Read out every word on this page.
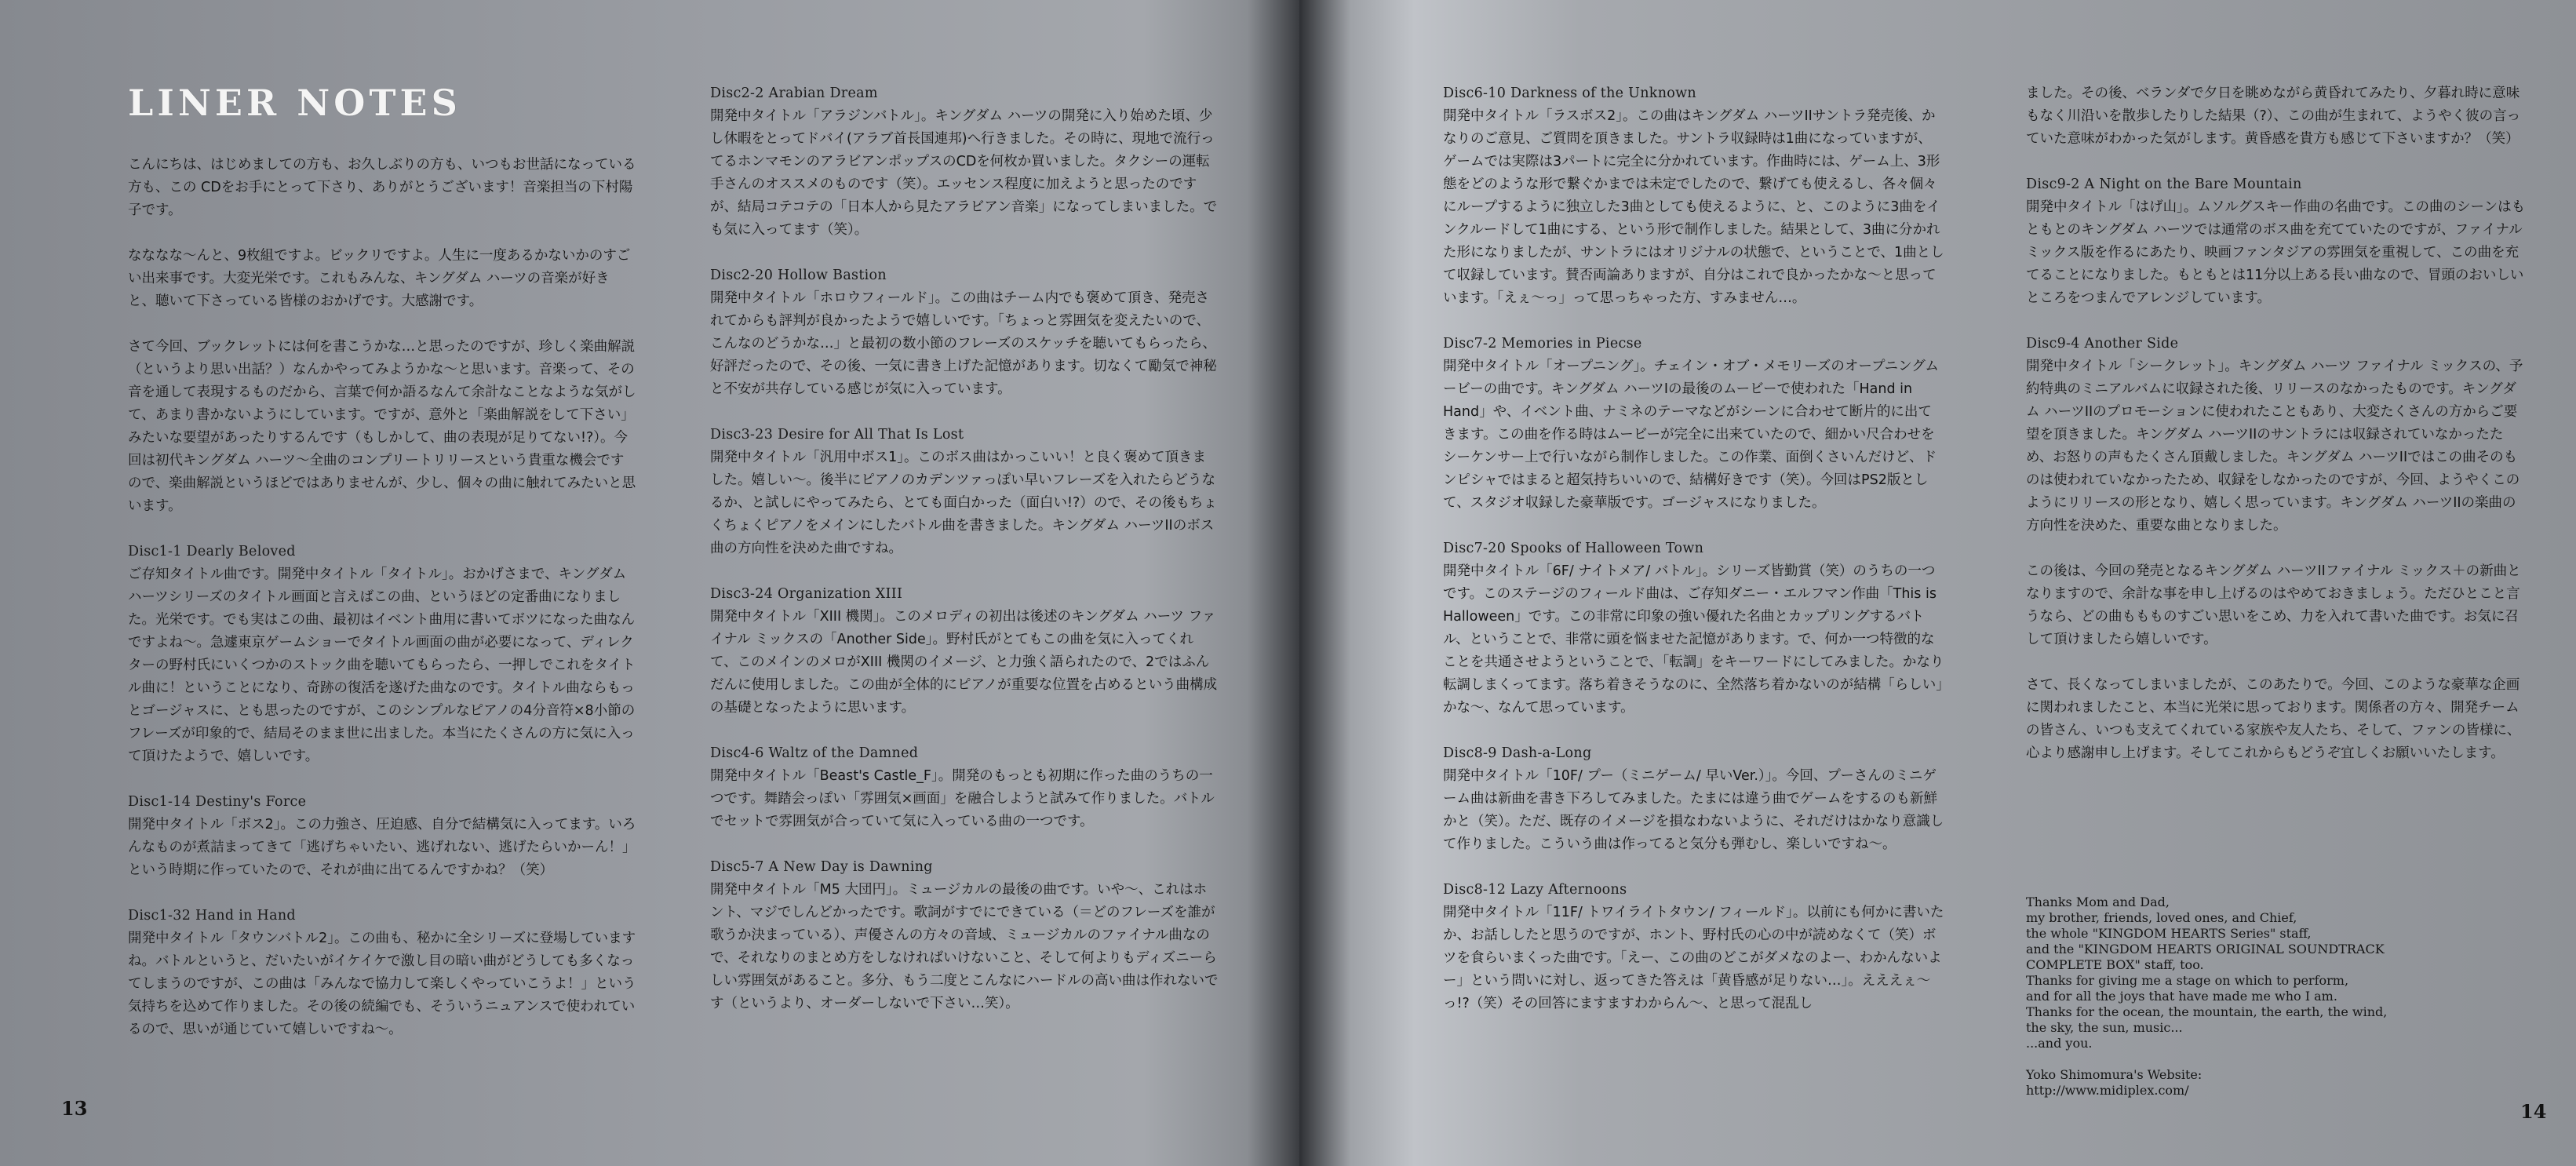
LINER NOTES

こんにちは、はじめましての方も、お久しぶりの方も、いつもお世話になっている方も、この CDをお手にとって下さり、ありがとうございます！音楽担当の下村陽子です。

なななな～んと、9枚組ですよ。ビックリですよ。人生に一度あるかないかのすごい出来事です。大変光栄です。これもみんな、キングダム ハーツの音楽が好きと、聴いて下さっている皆様のおかげです。大感謝です。

さて今回、ブックレットには何を書こうかな…と思ったのですが、珍しく楽曲解説（というより思い出話？）なんかやってみようかな～と思います。音楽って、その音を通して表現するものだから、言葉で何か語るなんて余計なことなような気がして、あまり書かないようにしています。ですが、意外と「楽曲解説をして下さい」みたいな要望があったりするんです（もしかして、曲の表現が足りてない!?）。今回は初代キングダム ハーツ～全曲のコンプリートリリースという貴重な機会ですので、楽曲解説というほどではありませんが、少し、個々の曲に触れてみたいと思います。

Disc1-1 Dearly Beloved

ご存知タイトル曲です。開発中タイトル「タイトル」。おかげさまで、キングダム ハーツシリーズのタイトル画面と言えばこの曲、というほどの定番曲になりました。光栄です。でも実はこの曲、最初はイベント曲用に書いてボツになった曲なんですよね～。急遽東京ゲームショーでタイトル画面の曲が必要になって、ディレクターの野村氏にいくつかのストック曲を聴いてもらったら、一押しでこれをタイトル曲に！ということになり、奇跡の復活を遂げた曲なのです。タイトル曲ならもっとゴージャスに、とも思ったのですが、このシンプルなピアノの4分音符×8小節のフレーズが印象的で、結局そのまま世に出ました。本当にたくさんの方に気に入って頂けたようで、嬉しいです。

Disc1-14 Destiny's Force

開発中タイトル「ボス2」。この力強さ、圧迫感、自分で結構気に入ってます。いろんなものが煮詰まってきて「逃げちゃいたい、逃げれない、逃げたらいかーん！」という時期に作っていたので、それが曲に出てるんですかね？（笑）

Disc1-32 Hand in Hand

開発中タイトル「タウンバトル2」。この曲も、秘かに全シリーズに登場していますね。バトルというと、だいたいがイケイケで激し目の暗い曲がどうしても多くなってしまうのですが、この曲は「みんなで協力して楽しくやっていこうよ！」という気持ちを込めて作りました。その後の続編でも、そういうニュアンスで使われているので、思いが通じていて嬉しいですね～。

Disc2-2 Arabian Dream

開発中タイトル「アラジンバトル」。キングダム ハーツの開発に入り始めた頃、少し休暇をとってドバイ(アラブ首長国連邦)へ行きました。その時に、現地で流行ってるホンマモンのアラビアンポップスのCDを何枚か買いました。タクシーの運転手さんのオススメのものです（笑）。エッセンス程度に加えようと思ったのですが、結局コテコテの「日本人から見たアラビアン音楽」になってしまいました。でも気に入ってます（笑）。

Disc2-20 Hollow Bastion

開発中タイトル「ホロウフィールド」。この曲はチーム内でも褒めて頂き、発売されてからも評判が良かったようで嬉しいです。「ちょっと雰囲気を変えたいので、こんなのどうかな…」と最初の数小節のフレーズのスケッチを聴いてもらったら、好評だったので、その後、一気に書き上げた記憶があります。切なくて勵気で神秘と不安が共存している感じが気に入っています。

Disc3-23 Desire for All That Is Lost

開発中タイトル「汎用中ボス1」。このボス曲はかっこいい！と良く褒めて頂きました。嬉しい～。後半にピアノのカデンツァっぽい早いフレーズを入れたらどうなるか、と試しにやってみたら、とても面白かった（面白い!?）ので、その後もちょくちょくピアノをメインにしたバトル曲を書きました。キングダム ハーツIIのボス曲の方向性を決めた曲ですね。

Disc3-24 Organization XIII

開発中タイトル「XIII 機関」。このメロディの初出は後述のキングダム ハーツ ファイナル ミックスの「Another Side」。野村氏がとてもこの曲を気に入ってくれて、このメインのメロがXIII 機関のイメージ、と力強く語られたので、2ではふんだんに使用しました。この曲が全体的にピアノが重要な位置を占めるという曲構成の基礎となったように思います。

Disc4-6 Waltz of the Damned

開発中タイトル「Beast's Castle_F」。開発のもっとも初期に作った曲のうちの一つです。舞踏会っぽい「雰囲気×画面」を融合しようと試みて作りました。バトルでセットで雰囲気が合っていて気に入っている曲の一つです。

Disc5-7 A New Day is Dawning

開発中タイトル「M5 大団円」。ミュージカルの最後の曲です。いや～、これはホント、マジでしんどかったです。歌詞がすでにできている（＝どのフレーズを誰が歌うか決まっている）、声優さんの方々の音域、ミュージカルのファイナル曲なので、それなりのまとめ方をしなければいけないこと、そして何よりもディズニーらしい雰囲気があること。多分、もう二度とこんなにハードルの高い曲は作れないです（というより、オーダーしないで下さい…笑）。

13
Disc6-10 Darkness of the Unknown

開発中タイトル「ラスボス2」。この曲はキングダム ハーツIIサントラ発売後、かなりのご意見、ご質問を頂きました。サントラ収録時は1曲になっていますが、ゲームでは実際は3パートに完全に分かれています。作曲時には、ゲーム上、3形態をどのような形で繋ぐかまでは未定でしたので、繋げても使えるし、各々個々にループするように独立した3曲としても使えるように、と、このように3曲をインクルードして1曲にする、という形で制作しました。結果として、3曲に分かれた形になりましたが、サントラにはオリジナルの状態で、ということで、1曲として収録しています。賛否両論ありますが、自分はこれで良かったかな～と思っています。「えぇ～っ」って思っちゃった方、すみません…。

Disc7-2 Memories in Piecse

開発中タイトル「オープニング」。チェイン・オブ・メモリーズのオープニングムービーの曲です。キングダム ハーツIの最後のムービーで使われた「Hand in Hand」や、イベント曲、ナミネのテーマなどがシーンに合わせて断片的に出てきます。この曲を作る時はムービーが完全に出来ていたので、細かい尺合わせをシーケンサー上で行いながら制作しました。この作業、面倒くさいんだけど、ドンピシャではまると超気持ちいいので、結構好きです（笑）。今回はPS2版として、スタジオ収録した豪華版です。ゴージャスになりました。

Disc7-20 Spooks of Halloween Town

開発中タイトル「6F/ ナイトメア/ バトル」。シリーズ皆勤賞（笑）のうちの一つです。このステージのフィールド曲は、ご存知ダニー・エルフマン作曲「This is Halloween」です。この非常に印象の強い優れた名曲とカップリングするバトル、ということで、非常に頭を悩ませた記憶があります。で、何か一つ特徴的なことを共通させようということで、「転調」をキーワードにしてみました。かなり転調しまくってます。落ち着きそうなのに、全然落ち着かないのが結構「らしい」かな～、なんて思っています。

Disc8-9 Dash-a-Long

開発中タイトル「10F/ プー（ミニゲーム/ 早いVer.）」。今回、プーさんのミニゲーム曲は新曲を書き下ろしてみました。たまには違う曲でゲームをするのも新鮮かと（笑）。ただ、既存のイメージを損なわないように、それだけはかなり意識して作りました。こういう曲は作ってると気分も弾むし、楽しいですね～。

Disc8-12 Lazy Afternoons

開発中タイトル「11F/ トワイライトタウン/ フィールド」。以前にも何かに書いたか、お話ししたと思うのですが、ホント、野村氏の心の中が読めなくて（笑）ボツを食らいまくった曲です。「えー、この曲のどこがダメなのよー、わかんないよー」という問いに対し、返ってきた答えは「黄昏感が足りない…」。えええぇ～っ!?（笑）その回答にますますわからん～、と思って混乱し

ました。その後、ベランダで夕日を眺めながら黄昏れてみたり、夕暮れ時に意味もなく川沿いを散歩したりした結果（?）、この曲が生まれて、ようやく彼の言っていた意味がわかった気がします。黄昏感を貴方も感じて下さいますか？（笑）

Disc9-2 A Night on the Bare Mountain

開発中タイトル「はげ山」。ムソルグスキー作曲の名曲です。この曲のシーンはもともとのキングダム ハーツでは通常のボス曲を充てていたのですが、ファイナル ミックス版を作るにあたり、映画ファンタジアの雰囲気を重視して、この曲を充てることになりました。もともとは11分以上ある長い曲なので、冒頭のおいしいところをつまんでアレンジしています。

Disc9-4 Another Side

開発中タイトル「シークレット」。キングダム ハーツ ファイナル ミックスの、予約特典のミニアルバムに収録された後、リリースのなかったものです。キングダム ハーツIIのプロモーションに使われたこともあり、大変たくさんの方からご要望を頂きました。キングダム ハーツIIのサントラには収録されていなかったため、お怒りの声もたくさん頂戴しました。キングダム ハーツIIではこの曲そのものは使われていなかったため、収録をしなかったのですが、今回、ようやくこのようにリリースの形となり、嬉しく思っています。キングダム ハーツIIの楽曲の方向性を決めた、重要な曲となりました。

この後は、今回の発売となるキングダム ハーツIIファイナル ミックス＋の新曲となりますので、余計な事を申し上げるのはやめておきましょう。ただひとこと言うなら、どの曲ももものすごい思いをこめ、力を入れて書いた曲です。お気に召して頂けましたら嬉しいです。

さて、長くなってしまいましたが、このあたりで。今回、このような豪華な企画に関われましたこと、本当に光栄に思っております。関係者の方々、開発チームの皆さん、いつも支えてくれている家族や友人たち、そして、ファンの皆様に、心より感謝申し上げます。そしてこれからもどうぞ宜しくお願いいたします。

14

Thanks Mom and Dad,

my brother, friends, loved ones, and Chief,

the whole "KINGDOM HEARTS Series" staff,

and the "KINGDOM HEARTS ORIGINAL SOUNDTRACK

COMPLETE BOX" staff, too.

Thanks for giving me a stage on which to perform,

and for all the joys that have made me who I am.

Thanks for the ocean, the mountain, the earth, the wind,

the sky, the sun, music...

...and you.

Yoko Shimomura's Website:

http://www.midiplex.com/
